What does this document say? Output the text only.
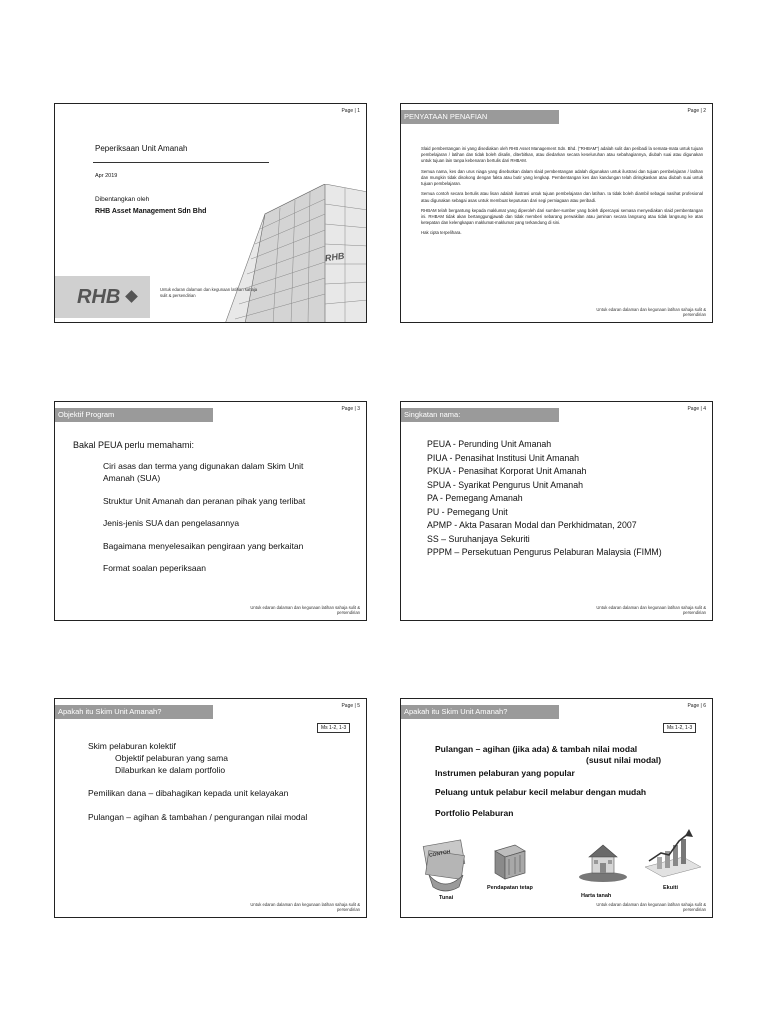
Page | 1
Peperiksaan Unit Amanah
Apr 2019
Dibentangkan oleh
RHB Asset Management Sdn Bhd
RHB
RHB	Untuk edaran dalaman dan kegunaan latihan sahaja sulit & persendirian
Page | 2
PENYATAAN PENAFIAN

Slaid pembentangan ini yang disediakan oleh RHB Asset Management Sdn. Bhd. ("RHBAM") adalah sulit dan peribadi la semata-mata untuk tujuan pembelajaran / latihan dan tidak boleh disalin, diterbitkan, atau diedarkan secara keseluruhan atau sebahagiannya, diubah suai atau digunakan untuk tujuan lain tanpa kebenaran bertulis dari RHBAM.

Semua nama, kes dan urus niaga yang disebutkan dalam slaid pembentangan adalah digunakan untuk ilustrasi dan tujuan pembelajaran / latihan dan mungkin tidak disokong dengan fakta atau butir yang lengkap. Pembentangan kes dan kandungan telah diringkaskan atau diubah suai untuk tujuan pembelajaran.

Semua contoh secara bertulis atau lisan adalah ilustrasi untuk tujuan pembelajaran dan latihan. Ia tidak boleh diambil sebagai nasihat profesional atau digunakan sebagai asas untuk membuat keputusan dari segi perniagaan atau peribadi.

RHBAM telah bergantung kepada maklumat yang diperoleh dari sumber-sumber yang boleh dipercayai semasa menyediakan slaid pembentangan ini. RHBAM tidak akan bertanggungjawab dan tidak memberi sebarang perwakilan atau jaminan secara langsung atau tidak langsung ke atas ketepatan dan kelengkapan maklumat-maklumat yang terkandung di sini.

Hak cipta terpelihara.

Untuk edaran dalaman dan kegunaan latihan sahaja sulit & persendirian
Page | 3
Objektif Program
Bakal PEUA perlu memahami:
Ciri asas dan terma yang digunakan dalam Skim Unit
Amanah (SUA)
Struktur Unit Amanah dan peranan pihak yang terlibat
Jenis-jenis SUA dan pengelasannya
Bagaimana menyelesaikan pengiraan yang berkaitan
Format soalan peperiksaan
Untuk edaran dalaman dan kegunaan latihan sahaja sulit & persendirian
Page | 4
Singkatan nama:
PEUA - Perunding Unit Amanah
PIUA - Penasihat Institusi Unit Amanah
PKUA - Penasihat Korporat Unit Amanah
SPUA - Syarikat Pengurus Unit Amanah
PA - Pemegang Amanah
PU - Pemegang Unit
APMP - Akta Pasaran Modal dan Perkhidmatan, 2007
SS – Suruhanjaya Sekuriti
PPPM – Persekutuan Pengurus Pelaburan Malaysia (FIMM)
Untuk edaran dalaman dan kegunaan latihan sahaja sulit & persendirian
Page | 5
Apakah itu Skim Unit Amanah?
Ms 1-2, 1-3
Skim pelaburan kolektif
Objektif pelaburan yang sama
Dilaburkan ke dalam portfolio
Pemilikan dana – dibahagikan kepada unit kelayakan
Pulangan – agihan & tambahan / pengurangan nilai modal
Untuk edaran dalaman dan kegunaan latihan sahaja sulit & persendirian
Page | 6
Apakah itu Skim Unit Amanah?
Ms 1-2, 1-3
Pulangan – agihan (jika ada) & tambah nilai modal
(susut nilai modal)
Instrumen pelaburan yang popular
Peluang untuk pelabur kecil melabur dengan mudah
Portfolio Pelaburan
CONTOH
Tunai
Pendapatan tetap
Harta tanah
Ekuiti
Untuk edaran dalaman dan kegunaan latihan sahaja sulit & persendirian
